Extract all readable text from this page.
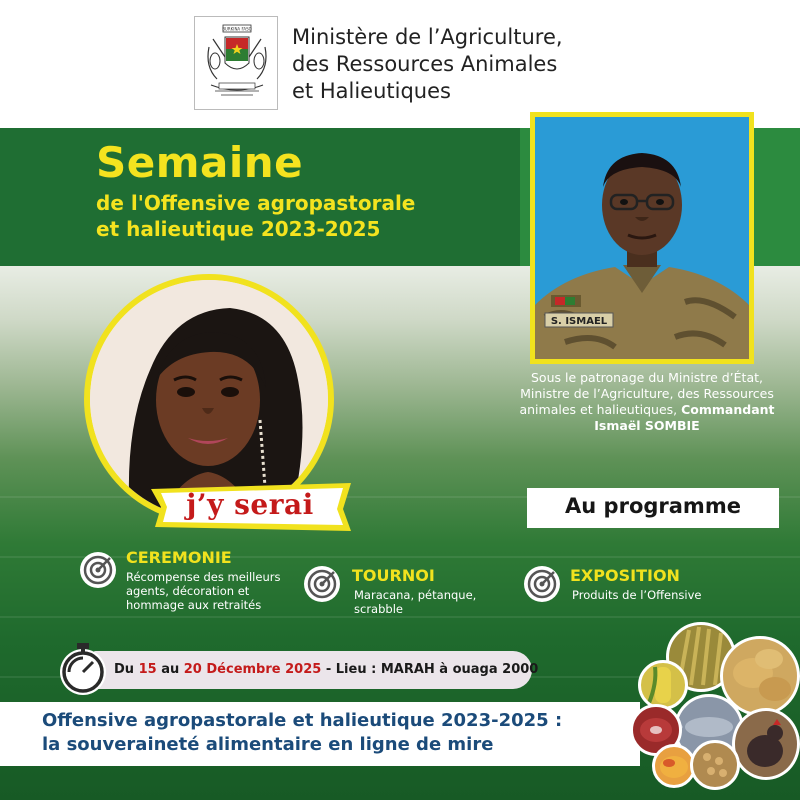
BURKINA FASO Ministère de l’Agriculture,
des Ressources Animales
et Halieutiques
Semaine
de l'Offensive agropastorale
et halieutique 2023-2025
S. ISMAEL
Sous le patronage du Ministre d’État,
Ministre de l’Agriculture, des Ressources
animales et halieutiques, Commandant
Ismaël SOMBIE
j’y serai	Au programme
CEREMONIE
Récompense des meilleurs
agents, décoration et
hommage aux retraités
TOURNOI
Maracana, pétanque,
scrabble
EXPOSITION
Produits de l’Offensive
Du 15 au 20 Décembre 2025 - Lieu : MARAH à ouaga 2000
Offensive agropastorale et halieutique 2023-2025 :
la souveraineté alimentaire en ligne de mire
